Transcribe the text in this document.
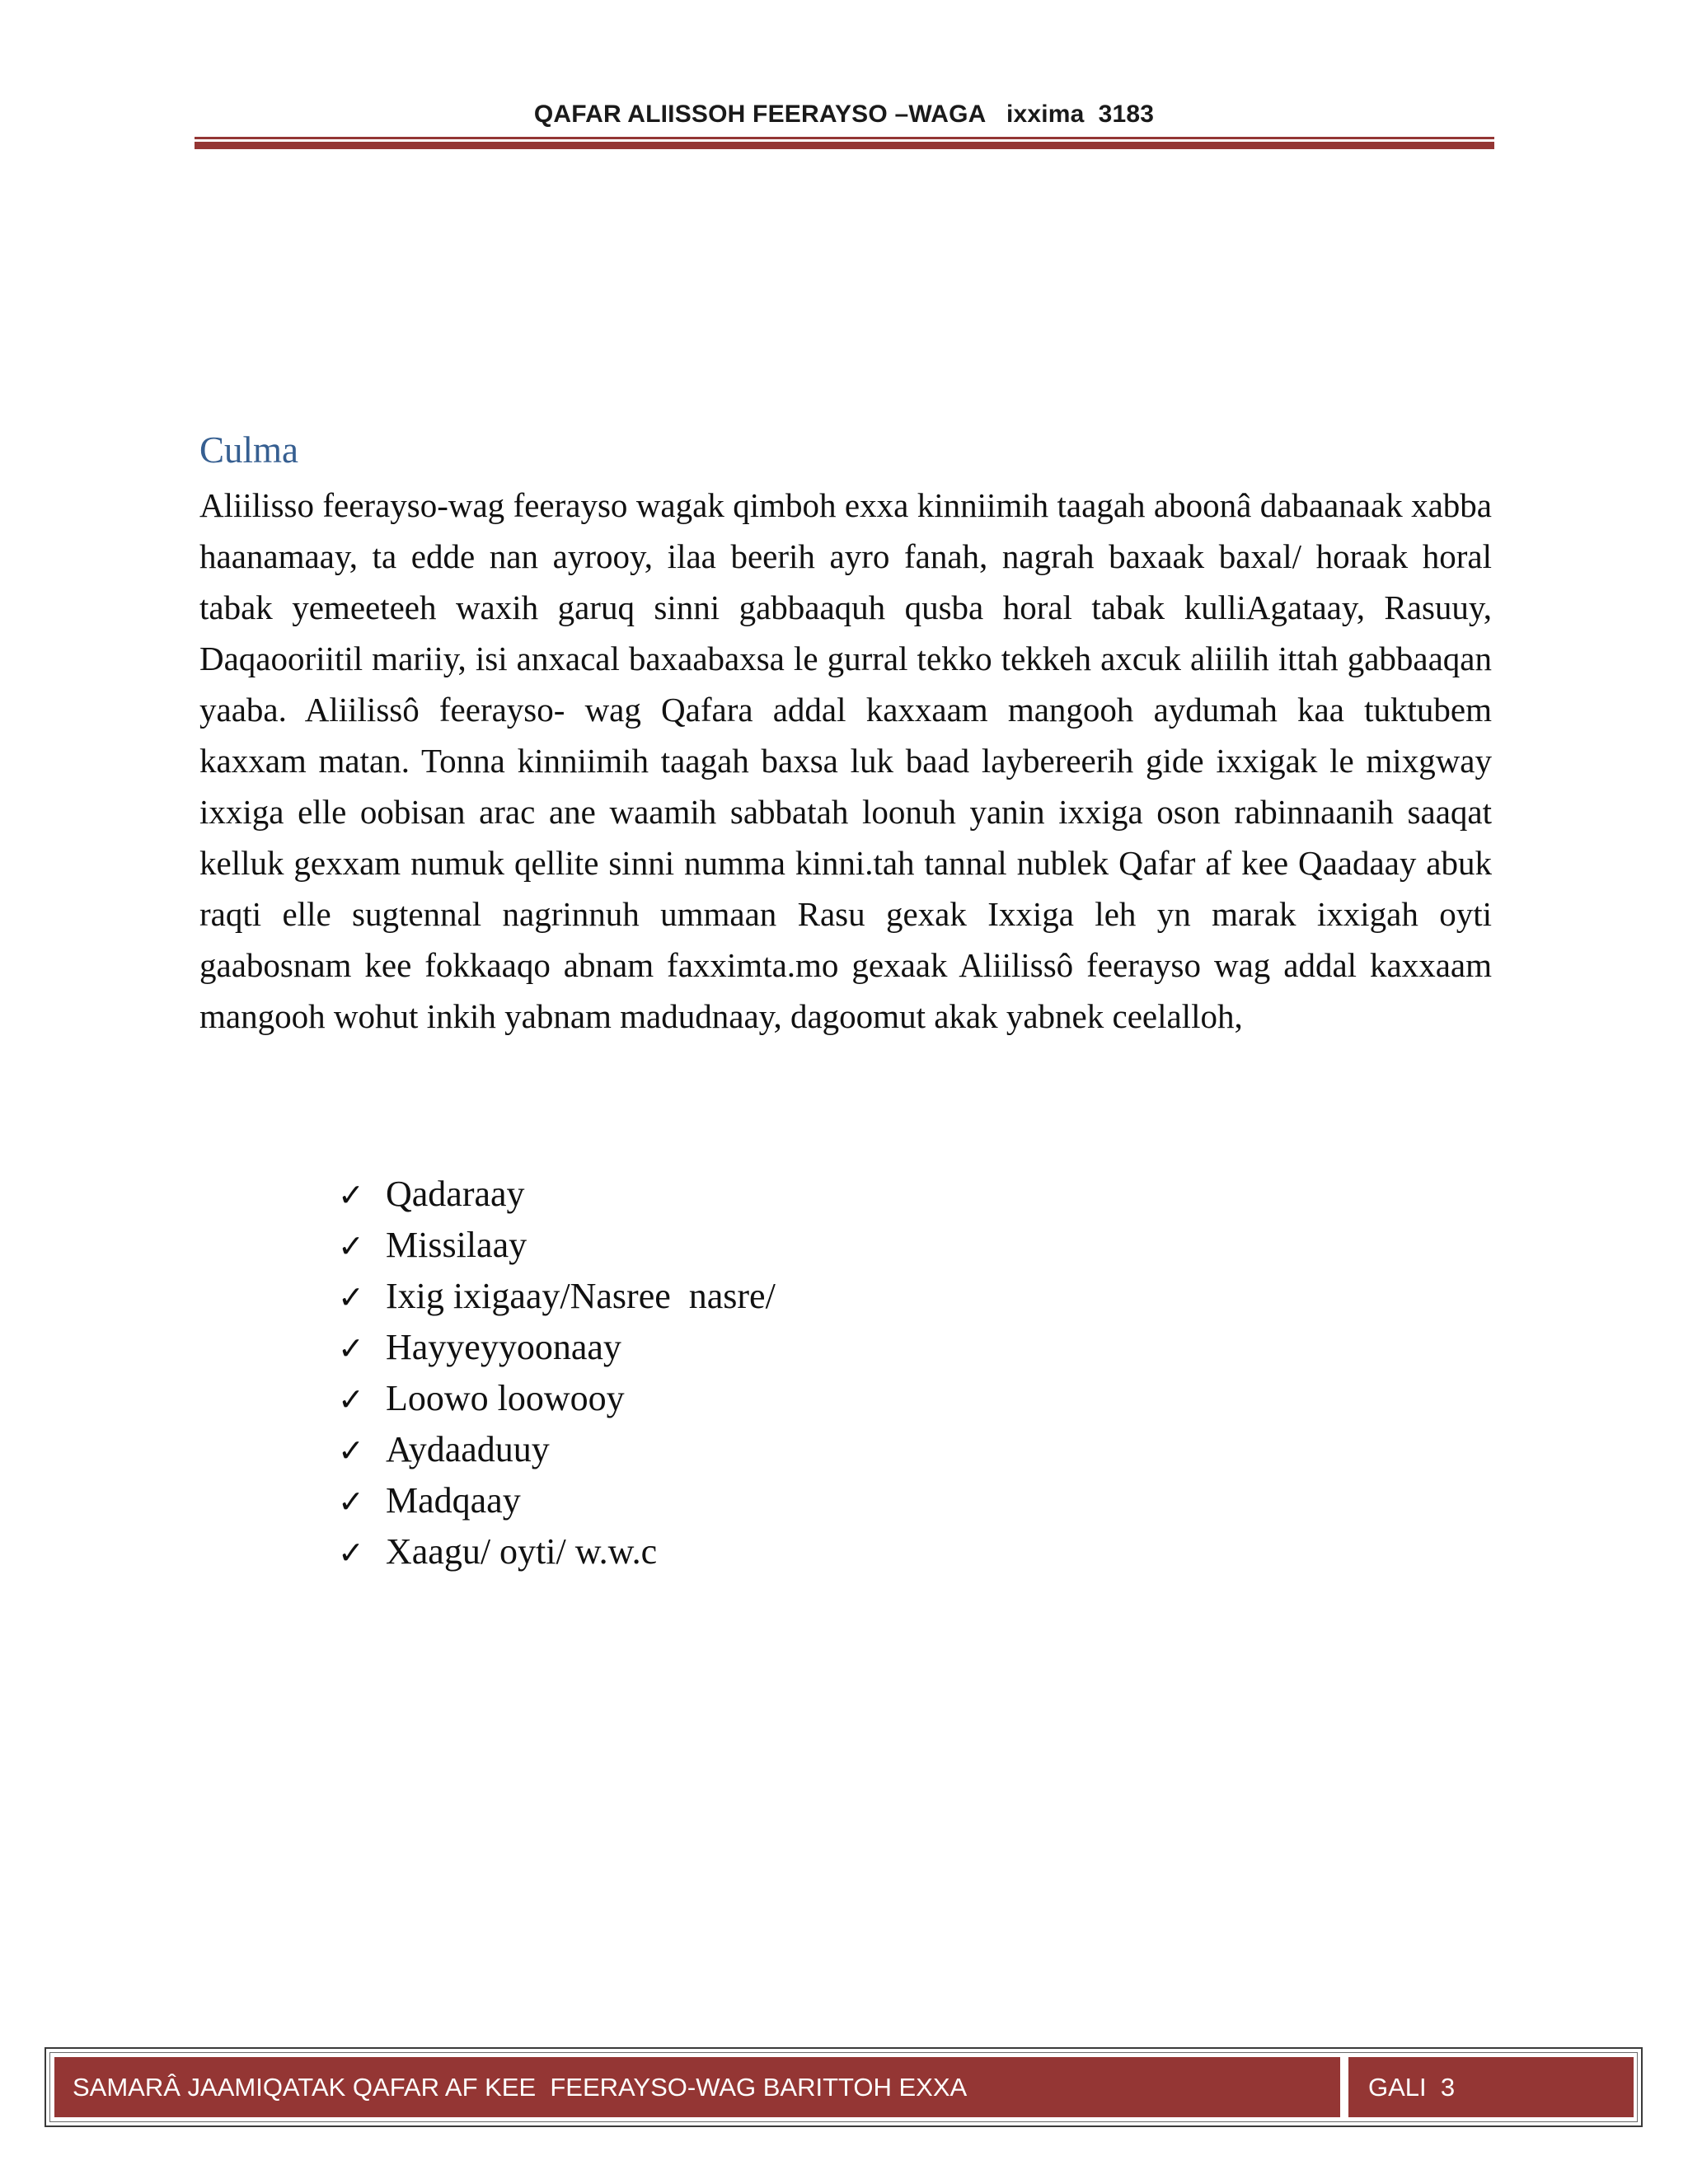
QAFAR ALIISSOH FEERAYSO –WAGA   ixxima  3183
Culma

Aliilisso feerayso-wag feerayso wagak qimboh exxa kinniimih taagah aboonâ dabaanaak xabba haanamaay, ta edde nan ayrooy, ilaa beerih ayro fanah, nagrah baxaak baxal/ horaak horal tabak yemeeteeh waxih garuq sinni gabbaaquh qusba horal tabak kulliAgataay, Rasuuy, Daqaooriitil mariiy, isi anxacal baxaabaxsa le gurral tekko tekkeh axcuk aliilih ittah gabbaaqan yaaba. Aliilissô feerayso- wag Qafara addal kaxxaam mangooh aydumah kaa tuktubem kaxxam matan. Tonna kinniimih taagah baxsa luk baad laybereerih gide ixxigak le mixgway ixxiga elle oobisan arac ane waamih sabbatah loonuh yanin ixxiga oson rabinnaanih saaqat kelluk gexxam numuk qellite sinni numma kinni.tah tannal nublek Qafar af kee Qaadaay abuk raqti elle sugtennal nagrinnuh ummaan Rasu gexak Ixxiga leh yn marak ixxigah oyti gaabosnam kee fokkaaqo abnam faxximta.mo gexaak Aliilissô feerayso wag addal kaxxaam mangooh wohut inkih yabnam madudnaay, dagoomut akak yabnek ceelalloh,

✓ Qadaraay
✓ Missilaay
✓ Ixig ixigaay/Nasree  nasre/
✓ Hayyeyyoonaay
✓ Loowo loowooy
✓ Aydaaduuy
✓ Madqaay
✓ Xaagu/ oyti/ w.w.c
SAMARÂ JAAMIQATAK QAFAR AF KEE  FEERAYSO-WAG BARITTOH EXXA	GALI  3
